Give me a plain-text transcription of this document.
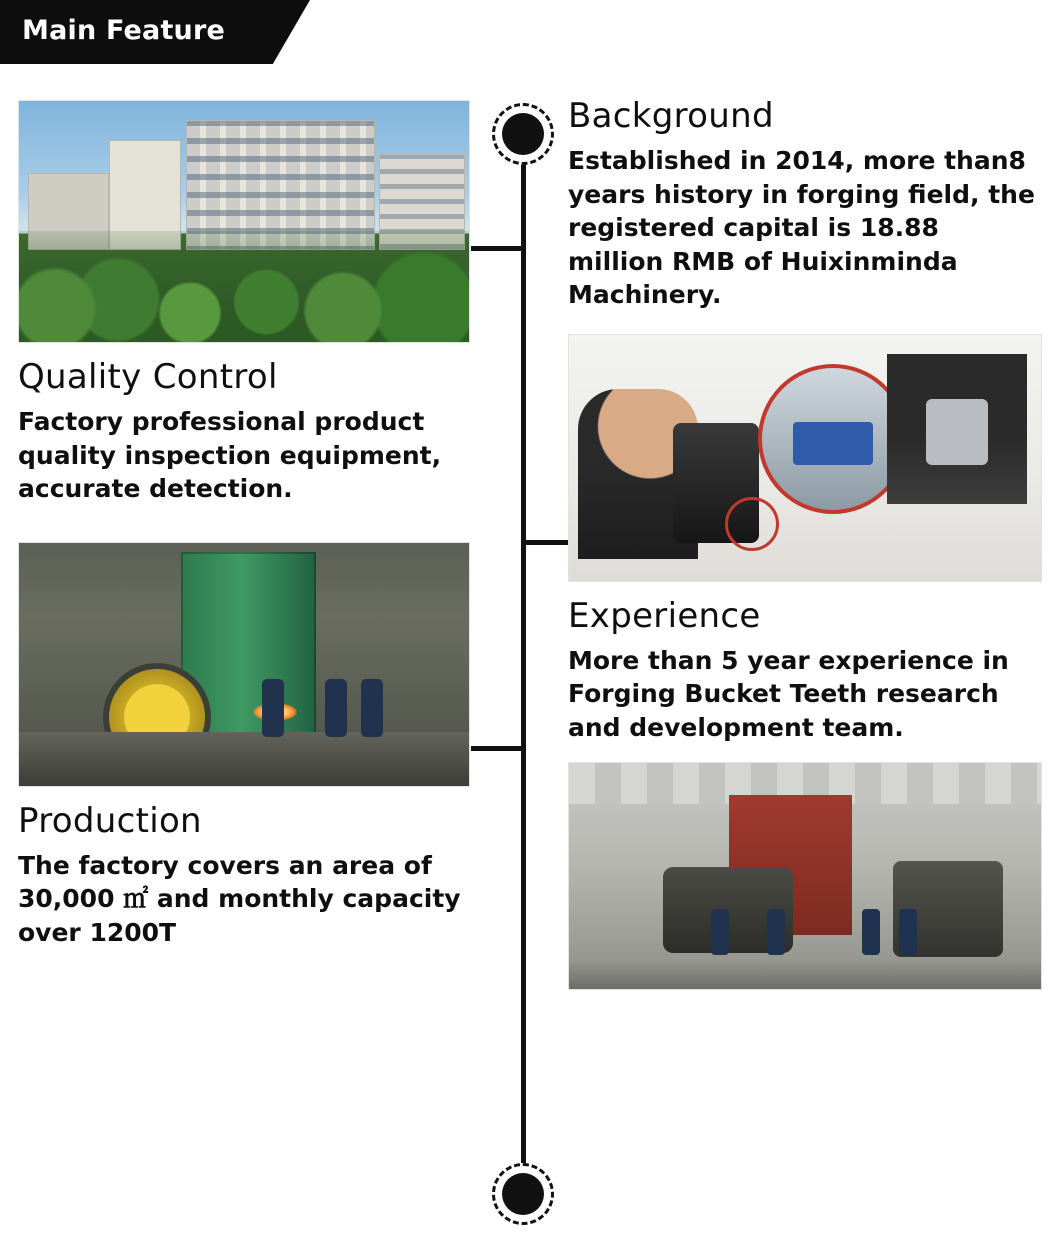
Main Feature
Quality Control

Factory professional product quality inspection equipment, accurate detection.

Production

The factory covers an area of 30,000 ㎡ and monthly capacity over 1200T

Background

Established in 2014, more than8 years history in forging field, the registered capital is 18.88 million RMB of Huixinminda Machinery.

Experience

More than 5 year experience in Forging Bucket Teeth research and development team.
